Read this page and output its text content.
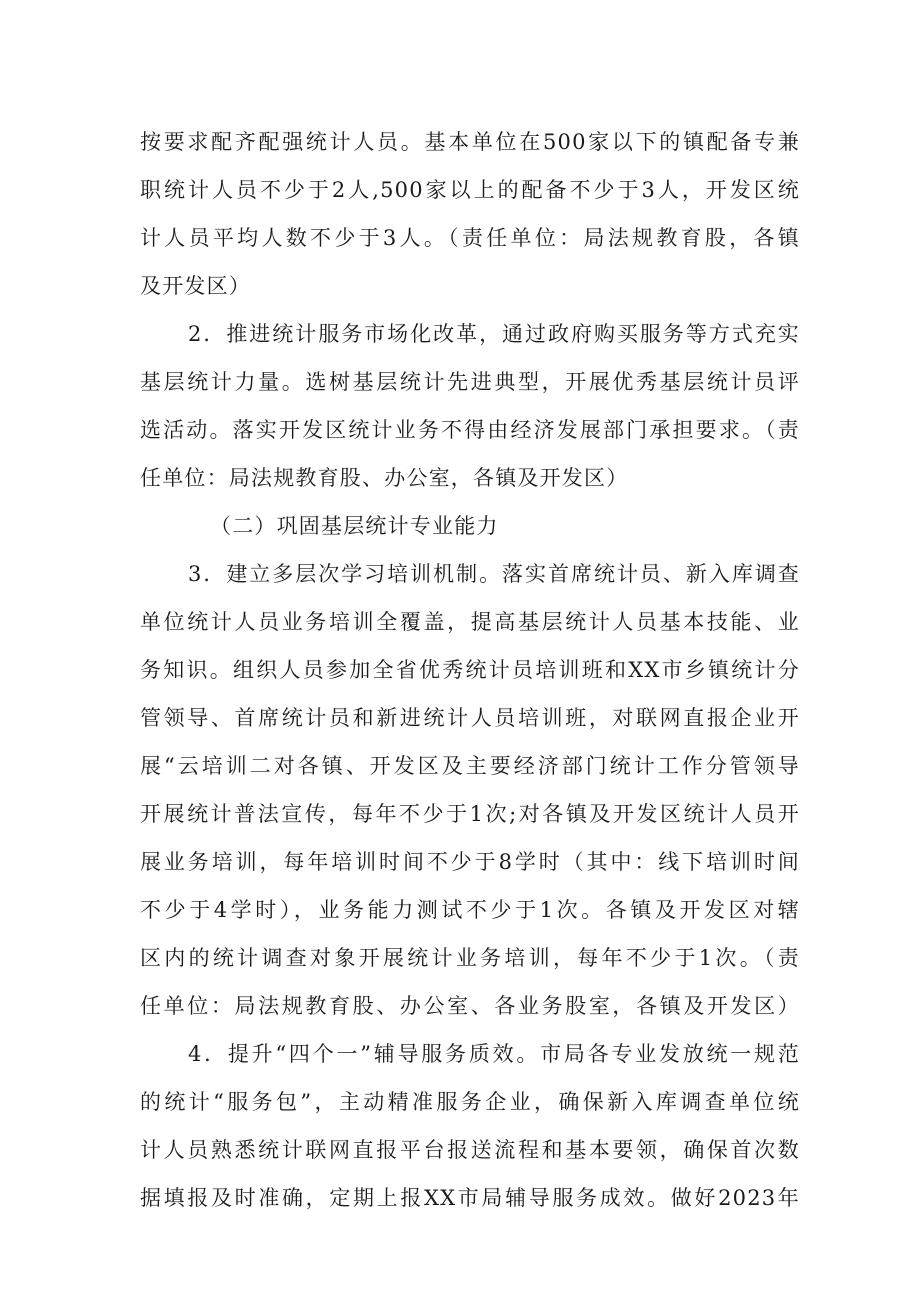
按要求配齐配强统计人员。基本单位在500家以下的镇配备专兼
职统计人员不少于2人,500家以上的配备不少于3人，开发区统
计人员平均人数不少于3人。（责任单位：局法规教育股，各镇
及开发区）
2．推进统计服务市场化改革，通过政府购买服务等方式充实
基层统计力量。选树基层统计先进典型，开展优秀基层统计员评
选活动。落实开发区统计业务不得由经济发展部门承担要求。（责
任单位：局法规教育股、办公室，各镇及开发区）
（二）巩固基层统计专业能力
3．建立多层次学习培训机制。落实首席统计员、新入库调查
单位统计人员业务培训全覆盖，提高基层统计人员基本技能、业
务知识。组织人员参加全省优秀统计员培训班和XX市乡镇统计分
管领导、首席统计员和新进统计人员培训班，对联网直报企业开
展“云培训二对各镇、开发区及主要经济部门统计工作分管领导
开展统计普法宣传，每年不少于1次;对各镇及开发区统计人员开
展业务培训，每年培训时间不少于8学时（其中：线下培训时间
不少于4学时），业务能力测试不少于1次。各镇及开发区对辖
区内的统计调查对象开展统计业务培训，每年不少于1次。（责
任单位：局法规教育股、办公室、各业务股室，各镇及开发区）
4．提升“四个一”辅导服务质效。市局各专业发放统一规范
的统计“服务包”，主动精准服务企业，确保新入库调查单位统
计人员熟悉统计联网直报平台报送流程和基本要领，确保首次数
据填报及时准确，定期上报XX市局辅导服务成效。做好2023年
